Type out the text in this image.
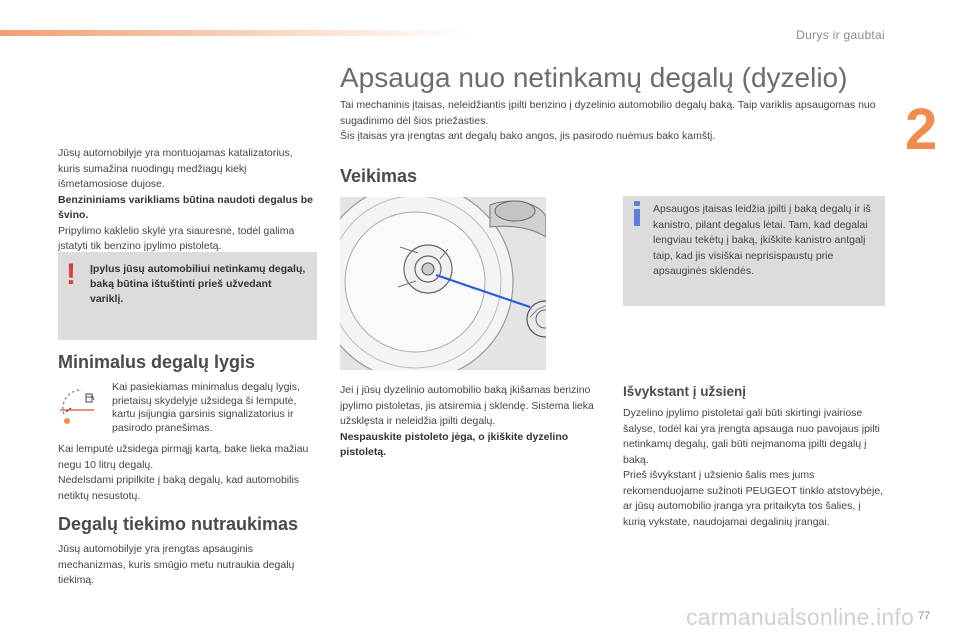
Durys ir gaubtai
2
Apsauga nuo netinkamų degalų (dyzelio)

Tai mechaninis įtaisas, neleidžiantis įpilti benzino į dyzelinio automobilio degalų baką. Taip variklis apsaugomas nuo sugadinimo dėl šios priežasties.

Šis įtaisas yra įrengtas ant degalų bako angos, jis pasirodo nuėmus bako kamštį.

Jūsų automobilyje yra montuojamas katalizatorius, kuris sumažina nuodingų medžiagų kiekį išmetamosiose dujose.

Benzininiams varikliams būtina naudoti degalus be švino.

Pripylimo kaklelio skylė yra siauresnė, todėl galima įstatyti tik benzino įpylimo pistoletą.

! Įpylus jūsų automobiliui netinkamų degalų, baką būtina ištuštinti prieš užvedant variklį.
Minimalus degalų lygis
Kai pasiekiamas minimalus degalų lygis, prietaisų skydelyje užsidega ši lemputė, kartu įsijungia garsinis signalizatorius ir pasirodo pranešimas.

Kai lemputė užsidega pirmąjį kartą, bake lieka mažiau negu 10 litrų degalų.

Nedelsdami pripilkite į baką degalų, kad automobilis netiktų nesustotų.

Degalų tiekimo nutraukimas
Jūsų automobilyje yra įrengtas apsauginis mechanizmas, kuris smūgio metu nutraukia degalų tiekimą.
Veikimas

Jei į jūsų dyzelinio automobilio baką įkišamas benzino įpylimo pistoletas, jis atsiremia į sklendę. Sistema lieka užsklęsta ir neleidžia įpilti degalų.

Nespauskite pistoleto jėga, o įkiškite dyzelino pistoletą.

Apsaugos įtaisas leidžia įpilti į baką degalų ir iš kanistro, pilant degalus lėtai. Tam, kad degalai lengviau tekėtų į baką, įkiškite kanistro antgalį taip, kad jis visiškai neprisispaustų prie apsauginės sklendės.
Išvykstant į užsienį

Dyzelino įpylimo pistoletai gali būti skirtingi įvairiose šalyse, todėl kai yra įrengta apsauga nuo pavojaus įpilti netinkamų degalų, gali būti neįmanoma įpilti degalų į baką.

Prieš išvykstant į užsienio šalis mes jums rekomenduojame sužinoti PEUGEOT tinklo atstovybėje, ar jūsų automobilio įranga yra pritaikyta tos šalies, į kurią vykstate, naudojamai degalinių įrangai.

carmanualsonline.info 77
